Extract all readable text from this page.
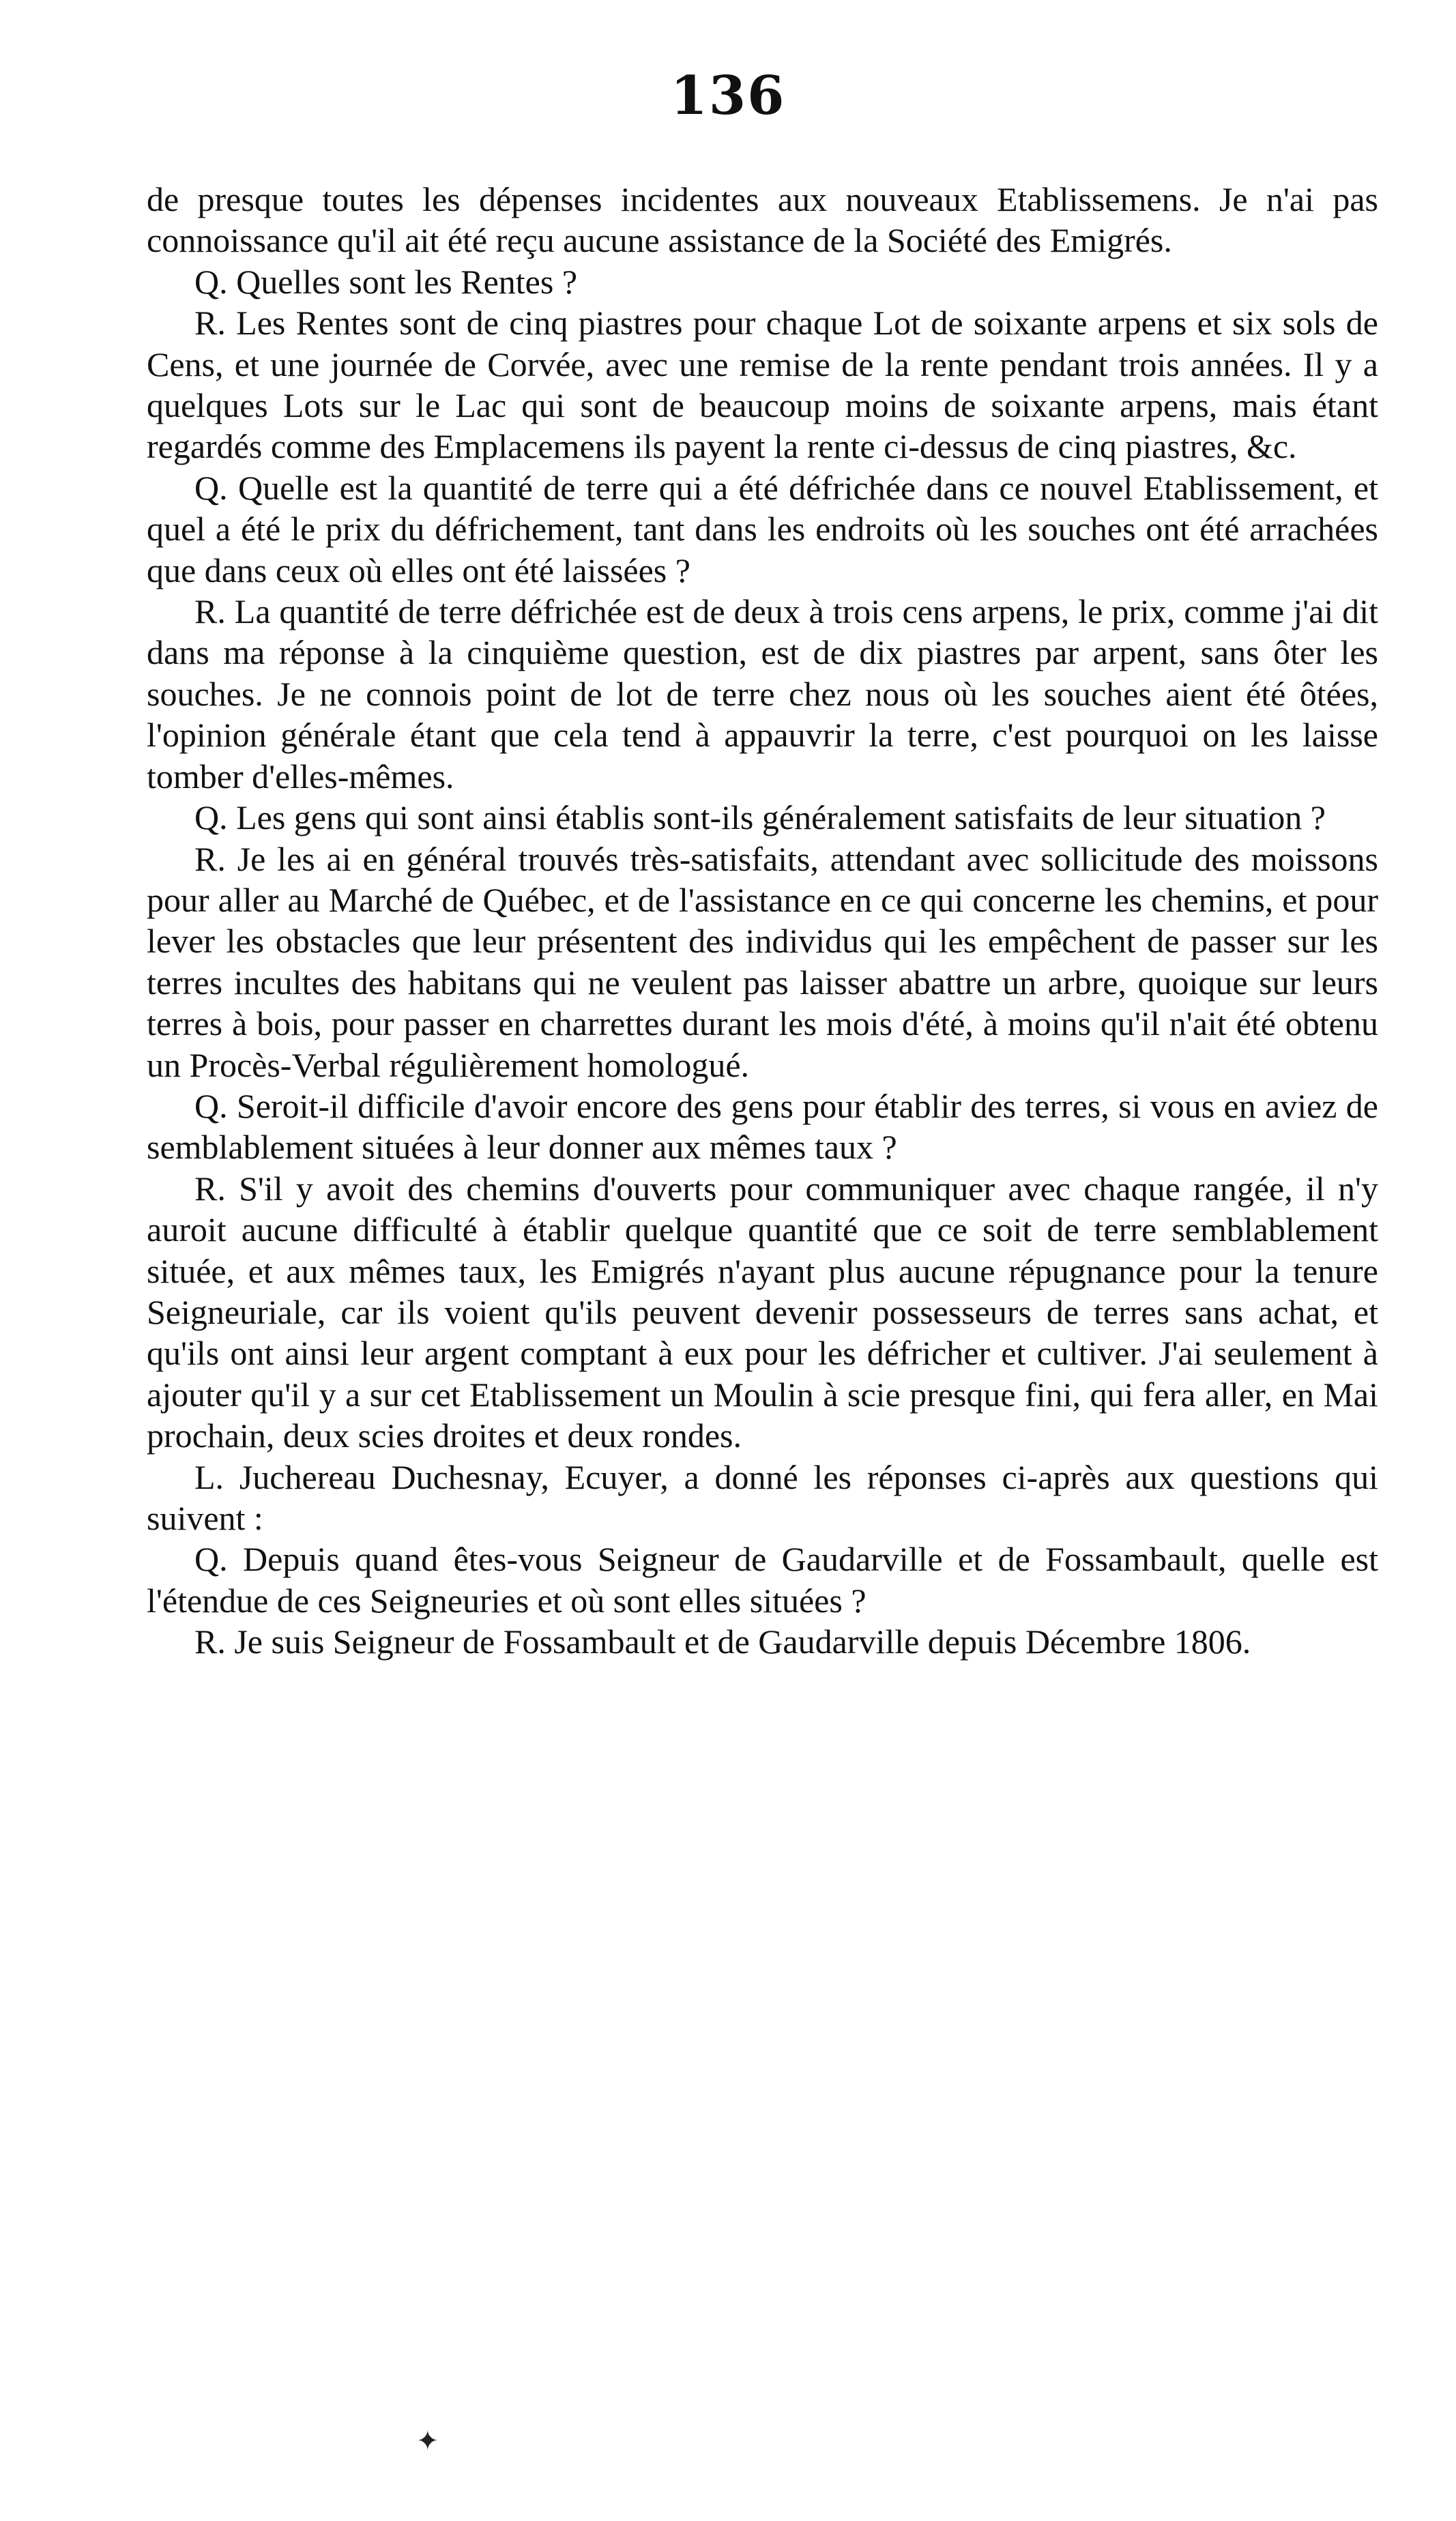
136

de presque toutes les dépenses incidentes aux nouveaux Etablissemens. Je n'ai pas connoissance qu'il ait été reçu aucune assistance de la Société des Emigrés.

Q. Quelles sont les Rentes ?

R. Les Rentes sont de cinq piastres pour chaque Lot de soixante arpens et six sols de Cens, et une journée de Corvée, avec une remise de la rente pendant trois années. Il y a quelques Lots sur le Lac qui sont de beaucoup moins de soixante arpens, mais étant regardés comme des Emplacemens ils payent la rente ci-dessus de cinq piastres, &c.

Q. Quelle est la quantité de terre qui a été défrichée dans ce nouvel Etablissement, et quel a été le prix du défrichement, tant dans les endroits où les souches ont été arrachées que dans ceux où elles ont été laissées ?

R. La quantité de terre défrichée est de deux à trois cens arpens, le prix, comme j'ai dit dans ma réponse à la cinquième question, est de dix piastres par arpent, sans ôter les souches. Je ne connois point de lot de terre chez nous où les souches aient été ôtées, l'opinion générale étant que cela tend à appauvrir la terre, c'est pourquoi on les laisse tomber d'elles-mêmes.

Q. Les gens qui sont ainsi établis sont-ils généralement satisfaits de leur situation ?

R. Je les ai en général trouvés très-satisfaits, attendant avec sollicitude des moissons pour aller au Marché de Québec, et de l'assistance en ce qui concerne les chemins, et pour lever les obstacles que leur présentent des individus qui les empêchent de passer sur les terres incultes des habitans qui ne veulent pas laisser abattre un arbre, quoique sur leurs terres à bois, pour passer en charrettes durant les mois d'été, à moins qu'il n'ait été obtenu un Procès-Verbal régulièrement homologué.

Q. Seroit-il difficile d'avoir encore des gens pour établir des terres, si vous en aviez de semblablement situées à leur donner aux mêmes taux ?

R. S'il y avoit des chemins d'ouverts pour communiquer avec chaque rangée, il n'y auroit aucune difficulté à établir quelque quantité que ce soit de terre semblablement située, et aux mêmes taux, les Emigrés n'ayant plus aucune répugnance pour la tenure Seigneuriale, car ils voient qu'ils peuvent devenir possesseurs de terres sans achat, et qu'ils ont ainsi leur argent comptant à eux pour les défricher et cultiver. J'ai seulement à ajouter qu'il y a sur cet Etablissement un Moulin à scie presque fini, qui fera aller, en Mai prochain, deux scies droites et deux rondes.

L. Juchereau Duchesnay, Ecuyer, a donné les réponses ci-après aux questions qui suivent :

Q. Depuis quand êtes-vous Seigneur de Gaudarville et de Fossambault, quelle est l'étendue de ces Seigneuries et où sont elles situées ?

R. Je suis Seigneur de Fossambault et de Gaudarville depuis Décembre 1806.

✦
